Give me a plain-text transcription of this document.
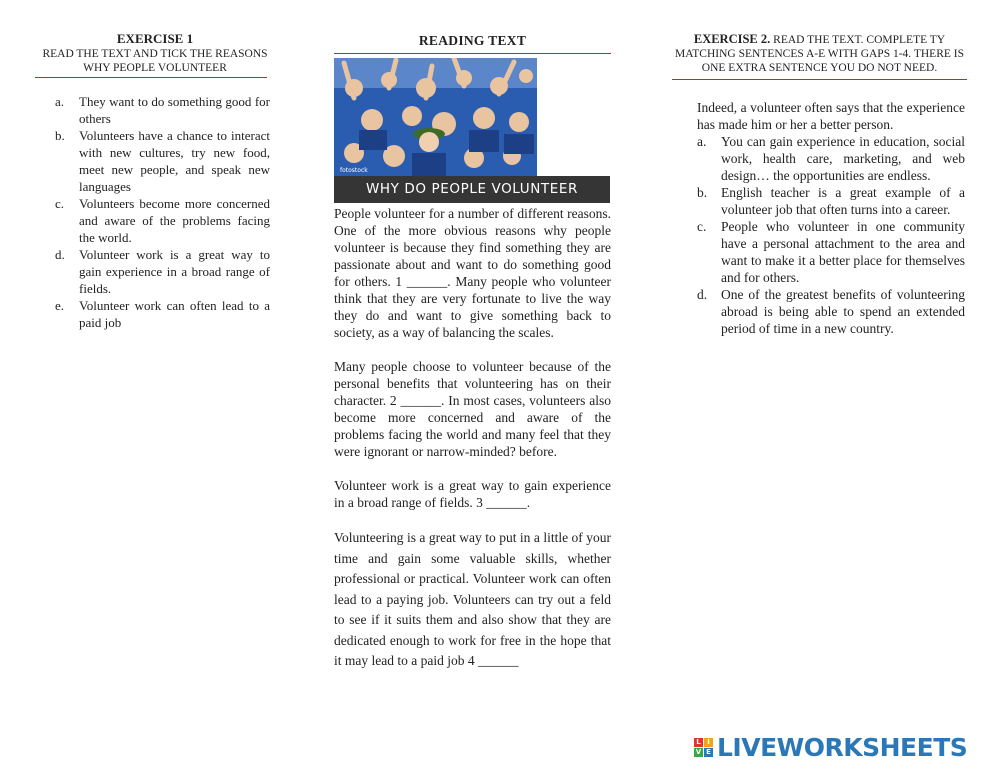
EXERCISE 1
READ THE TEXT AND TICK THE REASONS WHY PEOPLE VOLUNTEER
a.	They want to do something good for others
b.	Volunteers have a chance to interact with new cultures, try new food, meet new people, and speak new languages
c.	Volunteers become more concerned and aware of the problems facing the world.
d.	Volunteer work is a great way to gain experience in a broad range of fields.
e.	Volunteer work can often lead to a paid job
READING TEXT
fotostock
WHY DO PEOPLE VOLUNTEER

People volunteer for a number of different reasons. One of the more obvious reasons why people volunteer is because they find something they are passionate about and want to do something good for others. 1 ______. Many people who volunteer think that they are very fortunate to live the way they do and want to give something back to society, as a way of balancing the scales.

Many people choose to volunteer because of the personal benefits that volunteering has on their character. 2 ______. In most cases, volunteers also become more concerned and aware of the problems facing the world and many feel that they were ignorant or narrow-minded? before.

Volunteer work is a great way to gain experience in a broad range of fields. 3 ______.

Volunteering is a great way to put in a little of your time and gain some valuable skills, whether professional or practical. Volunteer work can often lead to a paying job. Volunteers can try out a feld to see if it suits them and also show that they are dedicated enough to work for free in the hope that it may lead to a paid job 4 ______

EXERCISE 2. READ THE TEXT. COMPLETE TY MATCHING SENTENCES A-E WITH GAPS 1-4. THERE IS ONE EXTRA SENTENCE YOU DO NOT NEED.
Indeed, a volunteer often says that the experience has made him or her a better person.
a.	You can gain experience in education, social work, health care, marketing, and web design… the opportunities are endless.
b.	English teacher is a great example of a volunteer job that often turns into a career.
c.	People who volunteer in one community have a personal attachment to the area and want to make it a better place for themselves and for others.
d.	One of the greatest benefits of volunteering abroad is being able to spend an extended period of time in a new country.
L I
V E LIVEWORKSHEETS
